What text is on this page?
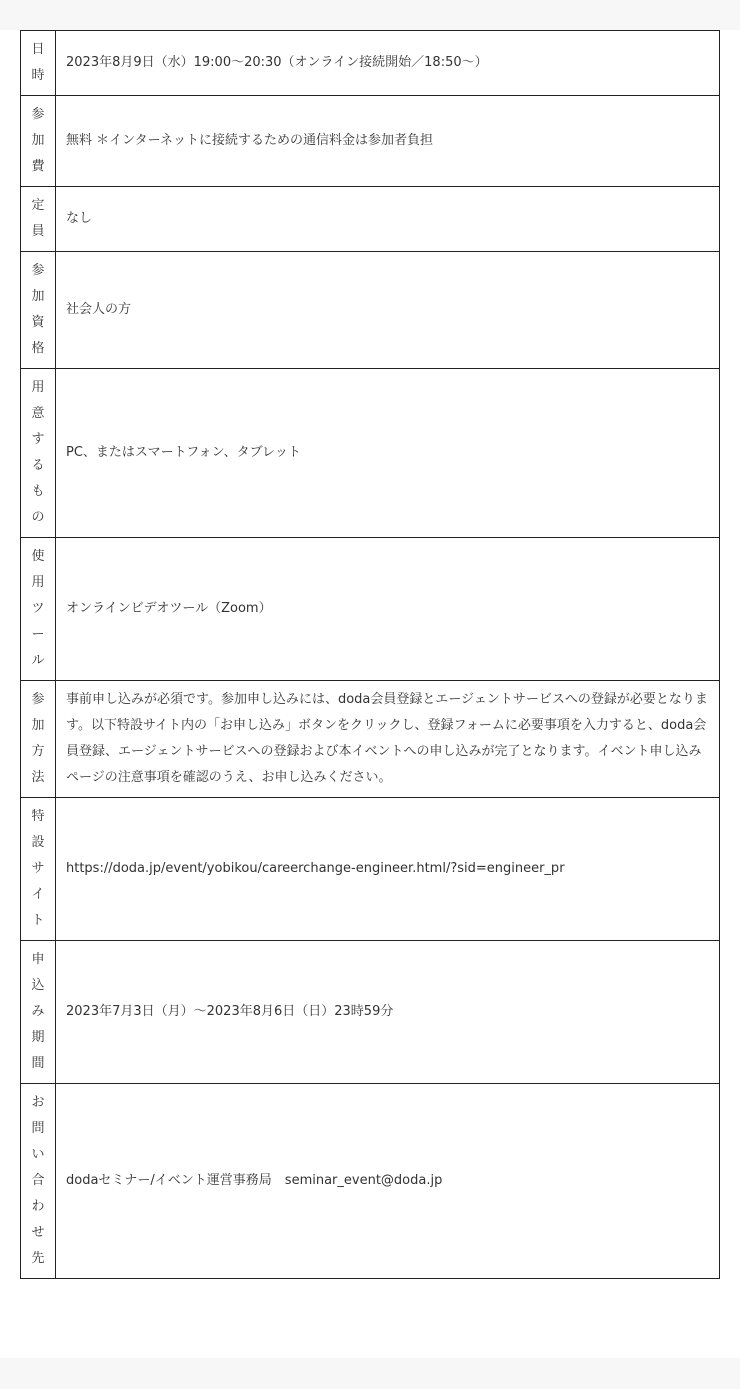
日時	2023年8月9日（水）19:00〜20:30（オンライン接続開始／18:50〜）

参加費	無料 ＊インターネットに接続するための通信料金は参加者負担

定員	なし

参加資格	社会人の方

用意するもの	PC、またはスマートフォン、タブレット

使用ツール	オンラインビデオツール（Zoom）

参加方法	事前申し込みが必須です。参加申し込みには、doda会員登録とエージェントサービスへの登録が必要となります。以下特設サイト内の「お申し込み」ボタンをクリックし、登録フォームに必要事項を入力すると、doda会員登録、エージェントサービスへの登録および本イベントへの申し込みが完了となります。イベント申し込みページの注意事項を確認のうえ、お申し込みください。

特設サイト	https://doda.jp/event/yobikou/careerchange-engineer.html/?sid=engineer_pr

申込み期間	2023年7月3日（月）〜2023年8月6日（日）23時59分

お問い合わせ先	dodaセミナー/イベント運営事務局　seminar_event@doda.jp
